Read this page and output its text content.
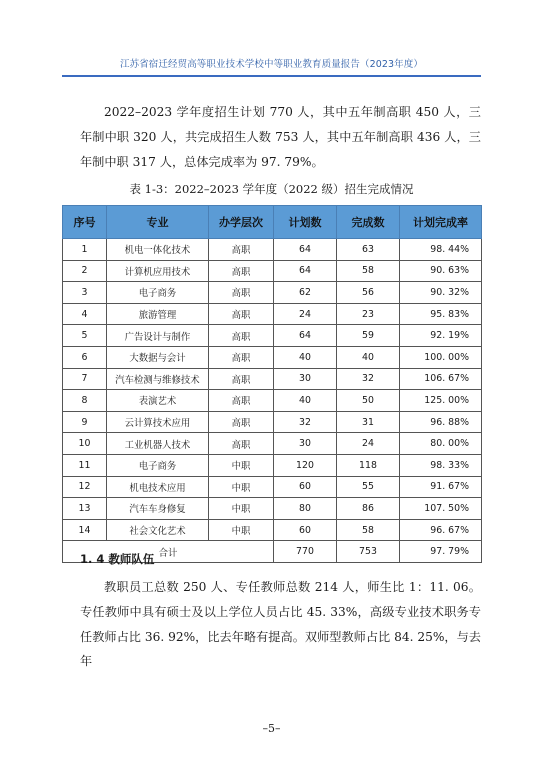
江苏省宿迁经贸高等职业技术学校中等职业教育质量报告（2023年度）

2022–2023 学年度招生计划 770 人，其中五年制高职 450 人，三年制中职 320 人，共完成招生人数 753 人，其中五年制高职 436 人，三年制中职 317 人，总体完成率为 97. 79%。

表 1-3：2022–2023 学年度（2022 级）招生完成情况
序号	专业	办学层次	计划数	完成数	计划完成率
1	机电一体化技术	高职	64	63	98. 44%
2	计算机应用技术	高职	64	58	90. 63%
3	电子商务	高职	62	56	90. 32%
4	旅游管理	高职	24	23	95. 83%
5	广告设计与制作	高职	64	59	92. 19%
6	大数据与会计	高职	40	40	100. 00%
7	汽车检测与维修技术	高职	30	32	106. 67%
8	表演艺术	高职	40	50	125. 00%
9	云计算技术应用	高职	32	31	96. 88%
10	工业机器人技术	高职	30	24	80. 00%
11	电子商务	中职	120	118	98. 33%
12	机电技术应用	中职	60	55	91. 67%
13	汽车车身修复	中职	80	86	107. 50%
14	社会文化艺术	中职	60	58	96. 67%
合计			770	753	97. 79%
1. 4 教师队伍

教职员工总数 250 人、专任教师总数 214 人，师生比 1：11. 06。专任教师中具有硕士及以上学位人员占比 45. 33%，高级专业技术职务专任教师占比 36. 92%，比去年略有提高。双师型教师占比 84. 25%，与去年

–5–
